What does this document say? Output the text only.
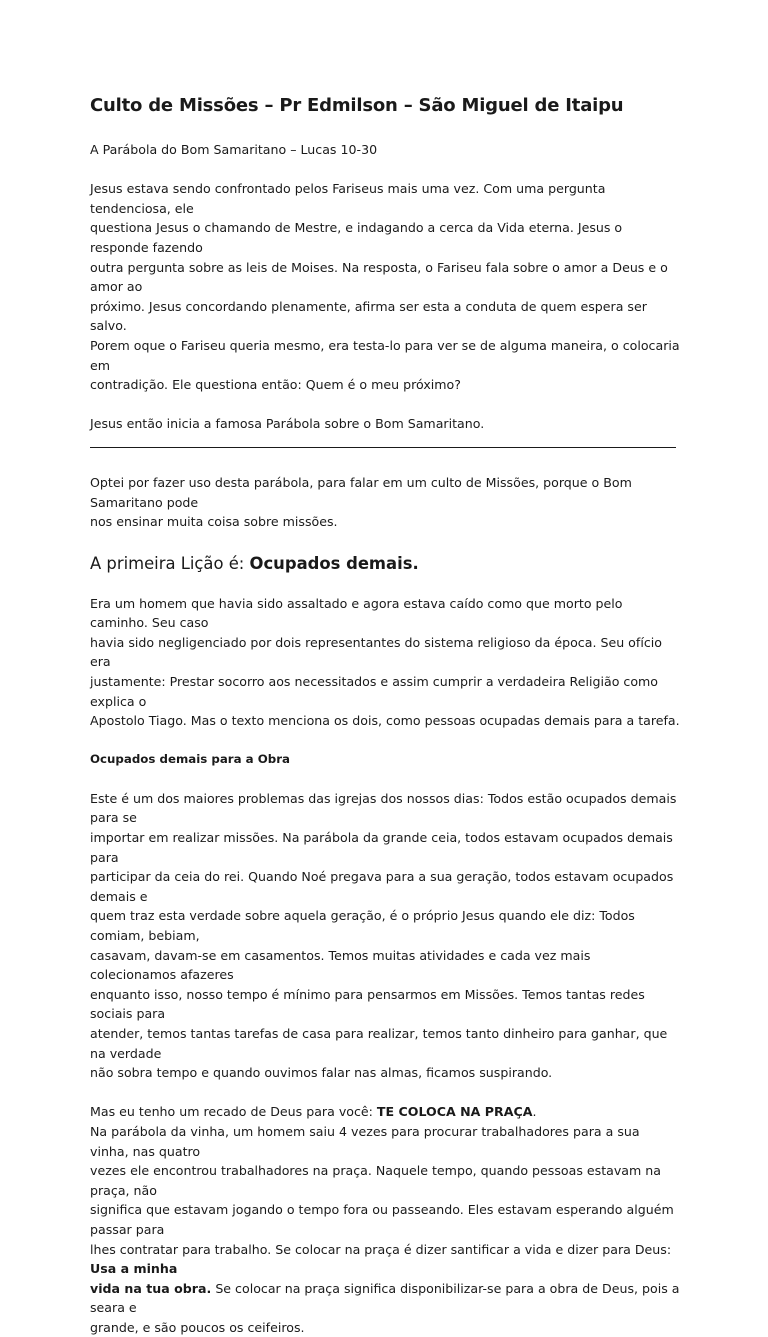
Culto de Missões – Pr Edmilson – São Miguel de Itaipu

A Parábola do Bom Samaritano – Lucas 10-30

Jesus estava sendo confrontado pelos Fariseus mais uma vez. Com uma pergunta tendenciosa, ele

questiona Jesus o chamando de Mestre, e indagando a cerca da Vida eterna. Jesus o responde fazendo

outra pergunta sobre as leis de Moises. Na resposta, o Fariseu fala sobre o amor a Deus e o amor ao

próximo. Jesus concordando plenamente, afirma ser esta a conduta de quem espera ser salvo.

Porem oque o Fariseu queria mesmo, era testa-lo para ver se de alguma maneira, o colocaria em

contradição. Ele questiona então: Quem é o meu próximo?

Jesus então inicia a famosa Parábola sobre o Bom Samaritano.

Optei por fazer uso desta parábola, para falar em um culto de Missões, porque o Bom Samaritano pode

nos ensinar muita coisa sobre missões.

A primeira Lição é: Ocupados demais.

Era um homem que havia sido assaltado e agora estava caído como que morto pelo caminho. Seu caso

havia sido negligenciado por dois representantes do sistema religioso da época. Seu ofício era

justamente: Prestar socorro aos necessitados e assim cumprir a verdadeira Religião como explica o

Apostolo Tiago. Mas o texto menciona os dois, como pessoas ocupadas demais para a tarefa.

Ocupados demais para a Obra

Este é um dos maiores problemas das igrejas dos nossos dias: Todos estão ocupados demais para se

importar em realizar missões. Na parábola da grande ceia, todos estavam ocupados demais para

participar da ceia do rei. Quando Noé pregava para a sua geração, todos estavam ocupados demais e

quem traz esta verdade sobre aquela geração, é o próprio Jesus quando ele diz: Todos comiam, bebiam,

casavam, davam-se em casamentos. Temos muitas atividades e cada vez mais colecionamos afazeres

enquanto isso, nosso tempo é mínimo para pensarmos em Missões. Temos tantas redes sociais para

atender, temos tantas tarefas de casa para realizar, temos tanto dinheiro para ganhar, que na verdade

não sobra tempo e quando ouvimos falar nas almas, ficamos suspirando.

Mas eu tenho um recado de Deus para você: TE COLOCA NA PRAÇA.

Na parábola da vinha, um homem saiu 4 vezes para procurar trabalhadores para a sua vinha, nas quatro

vezes ele encontrou trabalhadores na praça. Naquele tempo, quando pessoas estavam na praça, não

significa que estavam jogando o tempo fora ou passeando. Eles estavam esperando alguém passar para

lhes contratar para trabalho. Se colocar na praça é dizer santificar a vida e dizer para Deus: Usa a minha

vida na tua obra. Se colocar na praça significa disponibilizar-se para a obra de Deus, pois a seara e

grande, e são poucos os ceifeiros.
